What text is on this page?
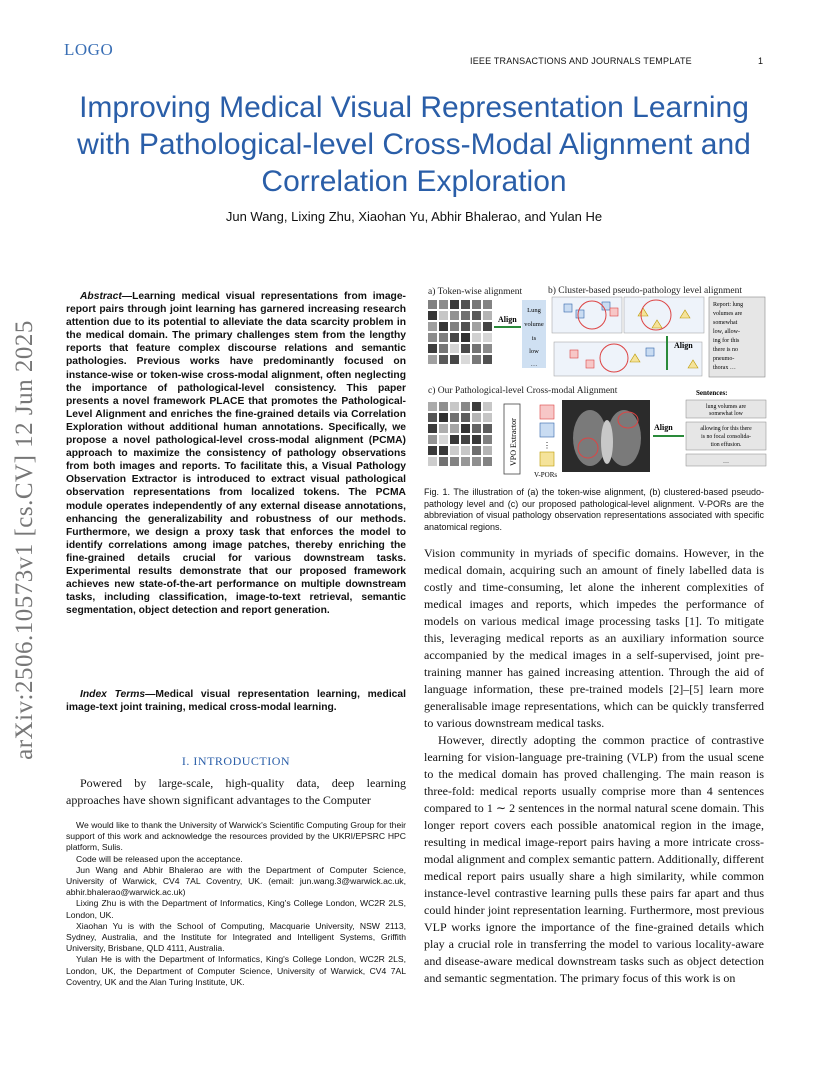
LOGO
IEEE TRANSACTIONS AND JOURNALS TEMPLATE	1
Improving Medical Visual Representation Learning with Pathological-level Cross-Modal Alignment and Correlation Exploration
Jun Wang, Lixing Zhu, Xiaohan Yu, Abhir Bhalerao, and Yulan He
arXiv:2506.10573v1 [cs.CV] 12 Jun 2025
Abstract—Learning medical visual representations from image-report pairs through joint learning has garnered increasing research attention due to its potential to alleviate the data scarcity problem in the medical domain. The primary challenges stem from the lengthy reports that feature complex discourse relations and semantic pathologies. Previous works have predominantly focused on instance-wise or token-wise cross-modal alignment, often neglecting the importance of pathological-level consistency. This paper presents a novel framework PLACE that promotes the Pathological-Level Alignment and enriches the fine-grained details via Correlation Exploration without additional human annotations. Specifically, we propose a novel pathological-level cross-modal alignment (PCMA) approach to maximize the consistency of pathology observations from both images and reports. To facilitate this, a Visual Pathology Observation Extractor is introduced to extract visual pathological observation representations from localized tokens. The PCMA module operates independently of any external disease annotations, enhancing the generalizability and robustness of our methods. Furthermore, we design a proxy task that enforces the model to identify correlations among image patches, thereby enriching the fine-grained details crucial for various downstream tasks. Experimental results demonstrate that our proposed framework achieves new state-of-the-art performance on multiple downstream tasks, including classification, image-to-text retrieval, semantic segmentation, object detection and report generation.
Index Terms—Medical visual representation learning, medical image-text joint training, medical cross-modal learning.
I. INTRODUCTION
Powered by large-scale, high-quality data, deep learning approaches have shown significant advantages to the Computer

We would like to thank the University of Warwick's Scientific Computing Group for their support of this work and acknowledge the resources provided by the UKRI/EPSRC HPC platform, Sulis.

Code will be released upon the acceptance.

Jun Wang and Abhir Bhalerao are with the Department of Computer Science, University of Warwick, CV4 7AL Coventry, UK. (email: jun.wang.3@warwick.ac.uk, abhir.bhalerao@warwick.ac.uk)

Lixing Zhu is with the Department of Informatics, King's College London, WC2R 2LS, London, UK.

Xiaohan Yu is with the School of Computing, Macquarie University, NSW 2113, Sydney, Australia, and the Institute for Integrated and Intelligent Systems, Griffith University, Brisbane, QLD 4111, Australia.

Yulan He is with the Department of Informatics, King's College London, WC2R 2LS, London, UK, the Department of Computer Science, University of Warwick, CV4 7AL Coventry, UK and the Alan Turing Institute, UK.

a) Token-wise alignment	b) Cluster-based pseudo-pathology level alignment
c) Our Pathological-level Cross-modal Alignment
Align
Lung
volume
is
low
…
Align
Report: lung
volumes are
somewhat
low, allow-
ing for this
there is no
pneumo-
thorax …
VPO Extractor	⋮
V-PORs
Align
Sentences:
lung volumes are
somewhat low
allowing for this there
is no focal consolida-
tion effusion.
…
Fig. 1. The illustration of (a) the token-wise alignment, (b) clustered-based pseudo-pathology level and (c) our proposed pathological-level alignment. V-PORs are the abbreviation of visual pathology observation representations associated with specific anatomical regions.

Vision community in myriads of specific domains. However, in the medical domain, acquiring such an amount of finely labelled data is costly and time-consuming, let alone the inherent complexities of medical images and reports, which impedes the performance of models on various medical image processing tasks [1]. To mitigate this, leveraging medical reports as an auxiliary information source accompanied by the medical images in a self-supervised, joint pre-training manner has gained increasing attention. Through the aid of language information, these pre-trained models [2]–[5] learn more generalisable image representations, which can be quickly transferred to various downstream medical tasks.

However, directly adopting the common practice of contrastive learning for vision-language pre-training (VLP) from the usual scene to the medical domain has proved challenging. The main reason is three-fold: medical reports usually comprise more than 4 sentences compared to 1 ∼ 2 sentences in the normal natural scene domain. This longer report covers each possible anatomical region in the image, resulting in medical image-report pairs having a more intricate cross-modal alignment and complex semantic pattern. Additionally, different medical report pairs usually share a high similarity, while common instance-level contrastive learning pulls these pairs far apart and thus could hinder joint representation learning. Furthermore, most previous VLP works ignore the importance of the fine-grained details which play a crucial role in transferring the model to various locality-aware and disease-aware medical downstream tasks such as object detection and semantic segmentation. The primary focus of this work is on
